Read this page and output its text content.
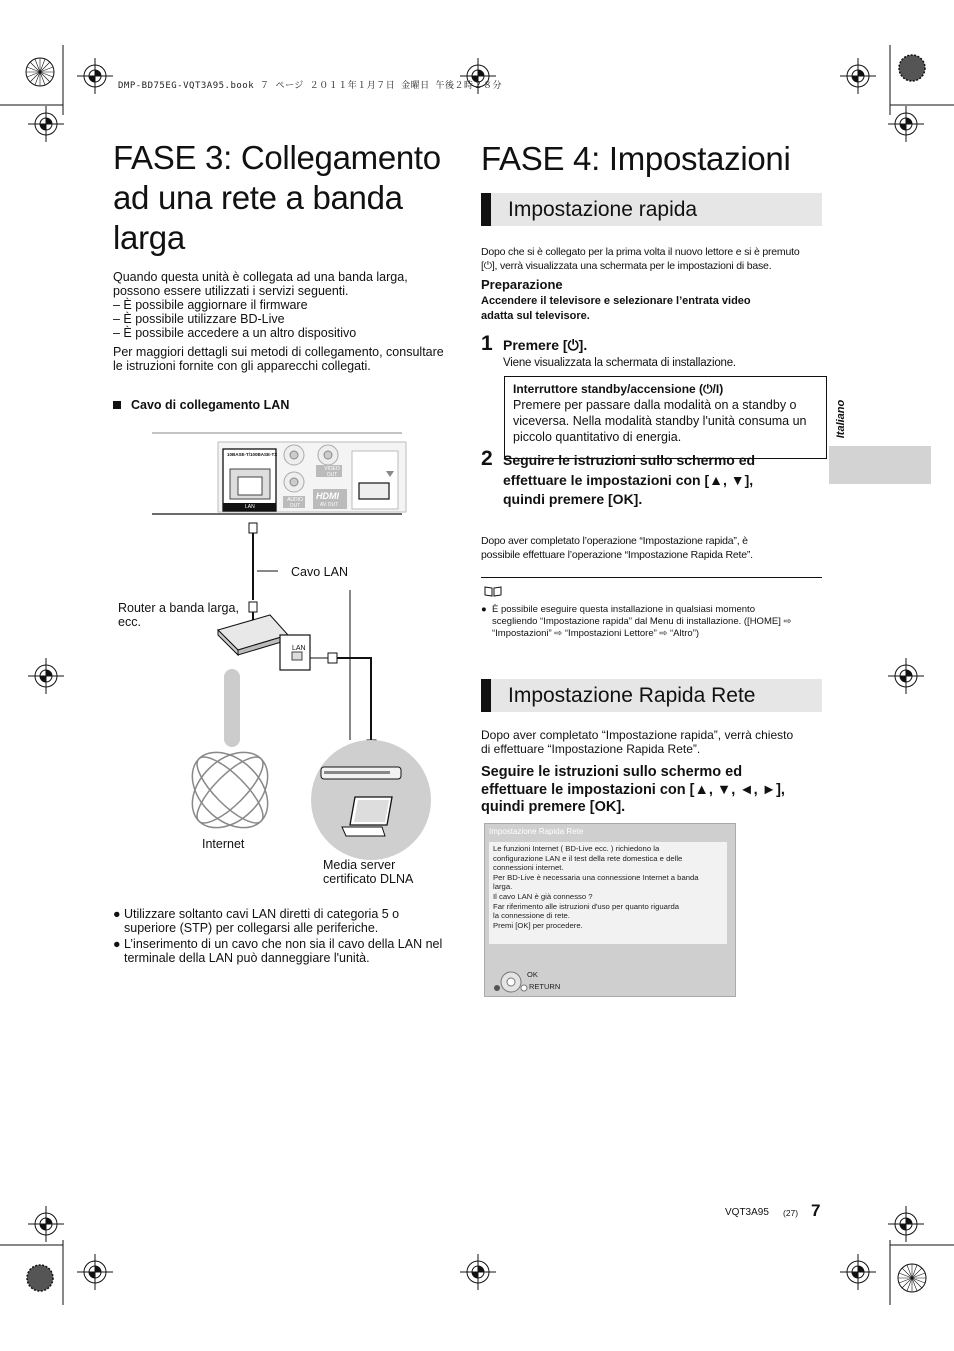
DMP-BD75EG-VQT3A95.book ７ ページ ２０１１年１月７日 金曜日 午後２時２８分
FASE 3: Collegamento
ad una rete a banda
larga
Quando questa unità è collegata ad una banda larga,
possono essere utilizzati i servizi seguenti.
– È possibile aggiornare il firmware
– È possibile utilizzare BD-Live
– È possibile accedere a un altro dispositivo
Per maggiori dettagli sui metodi di collegamento, consultare
le istruzioni fornite con gli apparecchi collegati.
Cavo di collegamento LAN
Cavo LAN
Router a banda larga,
ecc.
Internet
Media server
certificato DLNA
10BASE-T/100BASE-TX
LAN
VIDEO OUT
AUDIO OUT
HDMI
AV OUT
LAN
● Utilizzare soltanto cavi LAN diretti di categoria 5 o
superiore (STP) per collegarsi alle periferiche.
● L’inserimento di un cavo che non sia il cavo della LAN nel
terminale della LAN può danneggiare l'unità.
FASE 4: Impostazioni
Impostazione rapida
Dopo che si è collegato per la prima volta il nuovo lettore e si è premuto
[⏻], verrà visualizzata una schermata per le impostazioni di base.
Preparazione
Accendere il televisore e selezionare l’entrata video
adatta sul televisore.
1 Premere [⏻].
Viene visualizzata la schermata di installazione.
Interruttore standby/accensione (⏻/I)
Premere per passare dalla modalità on a standby o
viceversa. Nella modalità standby l'unità consuma un
piccolo quantitativo di energia.
2 Seguire le istruzioni sullo schermo ed
effettuare le impostazioni con [▲, ▼],
quindi premere [OK].
Dopo aver completato l’operazione “Impostazione rapida”, è
possibile effettuare l’operazione “Impostazione Rapida Rete”.
● È possibile eseguire questa installazione in qualsiasi momento
scegliendo “Impostazione rapida” dal Menu di installazione. ([HOME] ⇨
“Impostazioni” ⇨ “Impostazioni Lettore” ⇨ “Altro”)
Impostazione Rapida Rete
Dopo aver completato “Impostazione rapida”, verrà chiesto
di effettuare “Impostazione Rapida Rete”.
Seguire le istruzioni sullo schermo ed
effettuare le impostazioni con [▲, ▼, ◄, ►],
quindi premere [OK].
Impostazione Rapida Rete
Le funzioni Internet ( BD-Live ecc. ) richiedono la
configurazione LAN e il test della rete domestica e delle
connessioni internet.
Per BD-Live è necessaria una connessione Internet a banda
larga.
Il cavo LAN è già connesso ?
Far riferimento alle istruzioni d'uso per quanto riguarda
la connessione di rete.
Premi [OK] per procedere.
OK
RETURN
Italiano
VQT3A95 (27) 7
